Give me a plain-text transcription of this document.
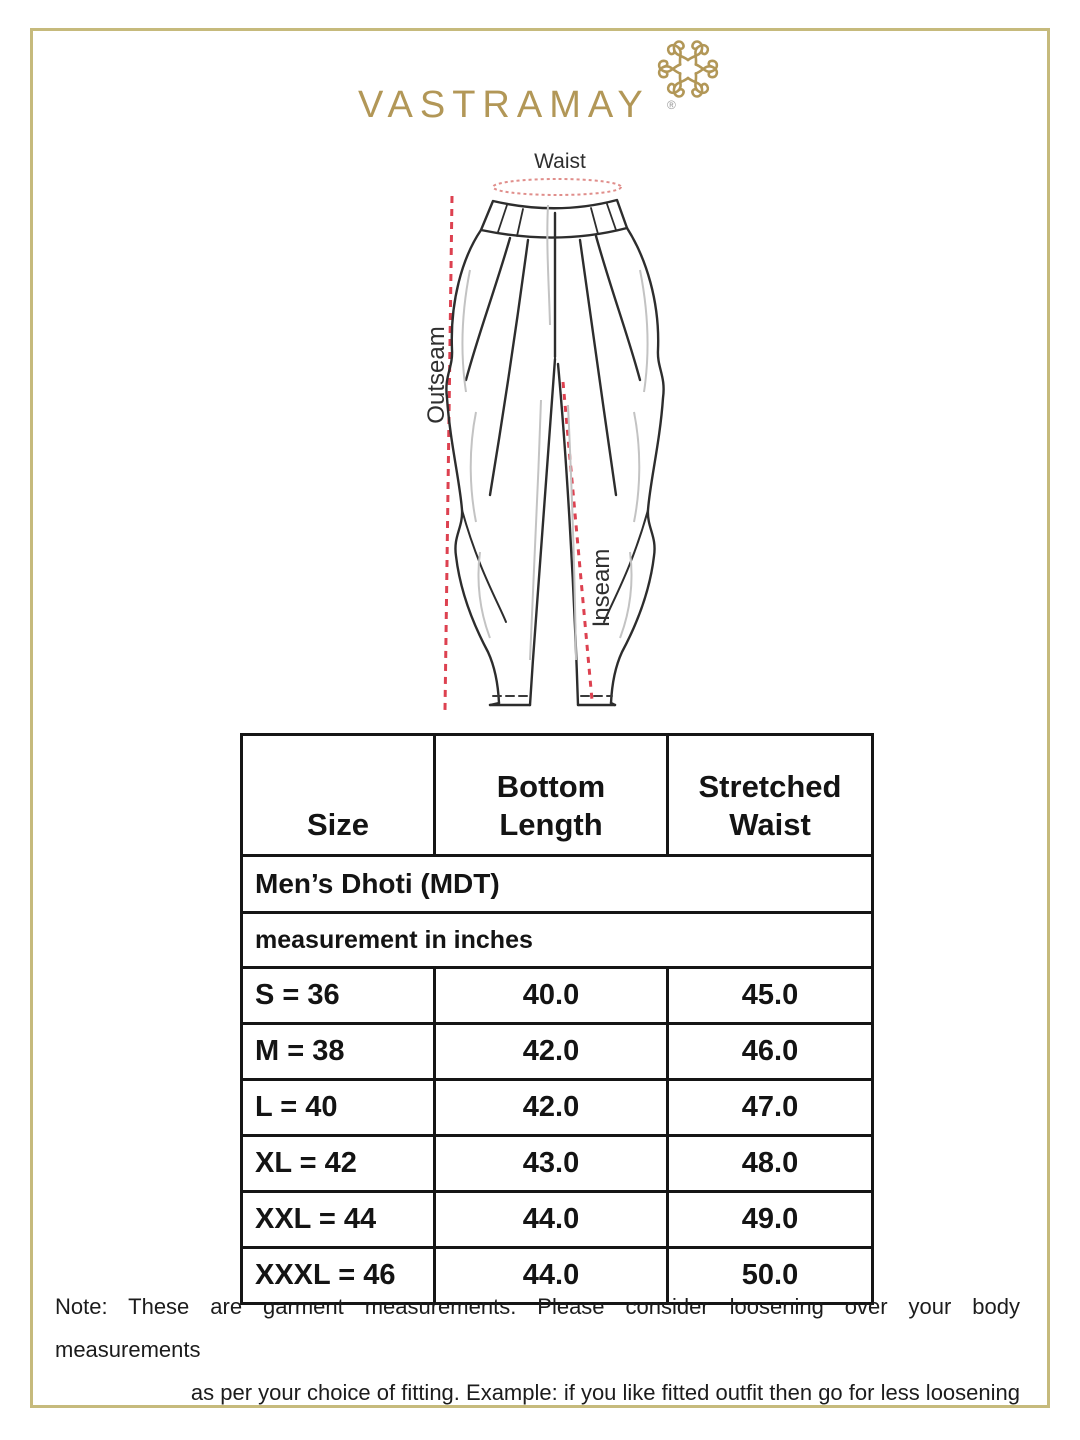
VASTRAMAY ®
Waist
Outseam
Inseam
Men’s Dhoti (MDT)		
measurement in inches		
Size	Bottom Length	Stretched Waist
S = 36	40.0	45.0
M = 38	42.0	46.0
L = 40	42.0	47.0
XL = 42	43.0	48.0
XXL = 44	44.0	49.0
XXXL = 46	44.0	50.0
Note: These are garment measurements. Please consider loosening over your body measurements
as per your choice of fitting. Example: if you like fitted outfit then go for less loosening
